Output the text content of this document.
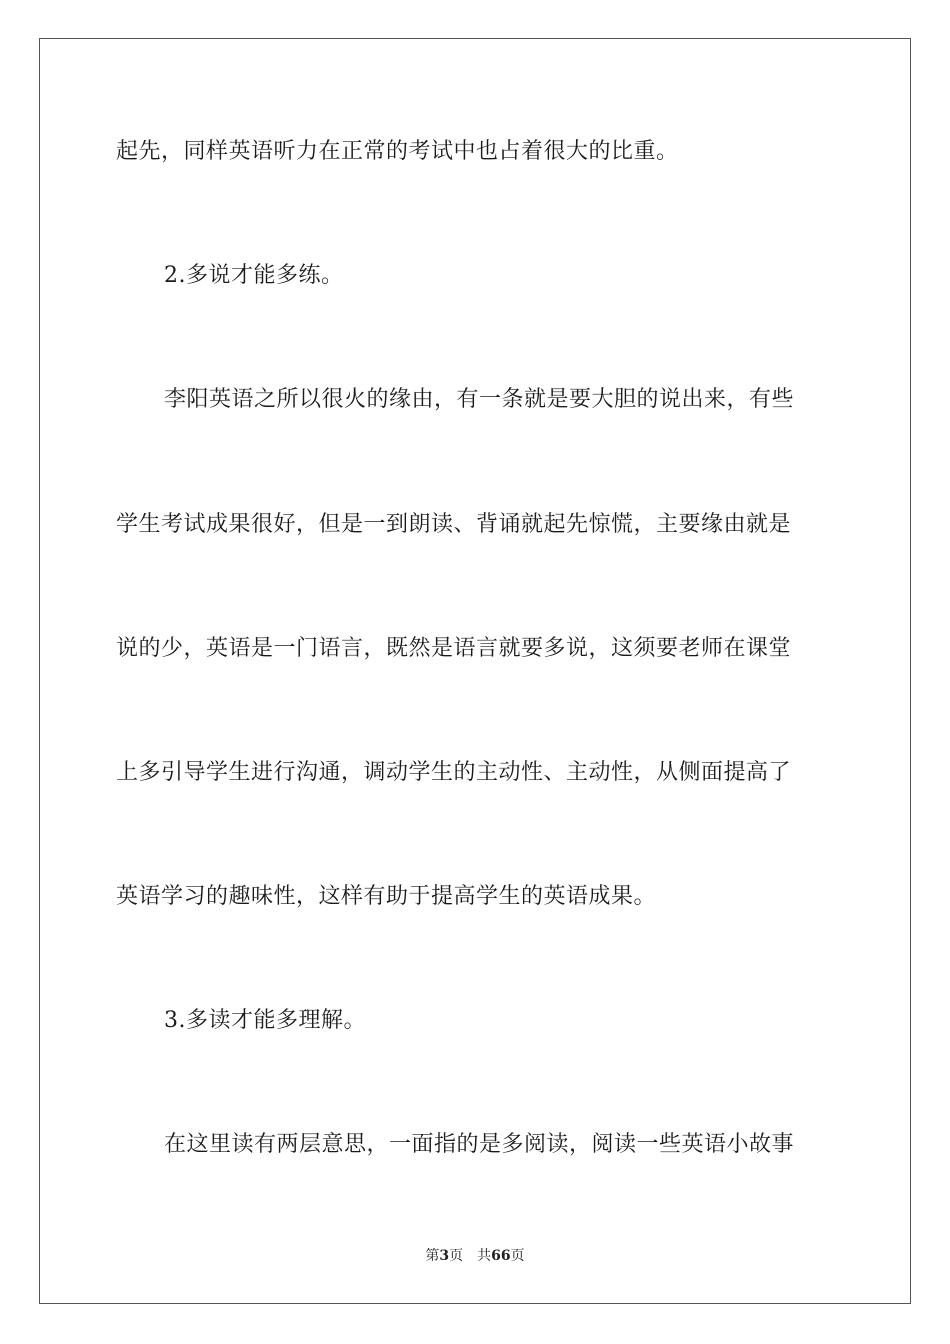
起先，同样英语听力在正常的考试中也占着很大的比重。
2.多说才能多练。
李阳英语之所以很火的缘由，有一条就是要大胆的说出来，有些
学生考试成果很好，但是一到朗读、背诵就起先惊慌，主要缘由就是
说的少，英语是一门语言，既然是语言就要多说，这须要老师在课堂
上多引导学生进行沟通，调动学生的主动性、主动性，从侧面提高了
英语学习的趣味性，这样有助于提高学生的英语成果。
3.多读才能多理解。
在这里读有两层意思，一面指的是多阅读，阅读一些英语小故事
第3页 共66页
